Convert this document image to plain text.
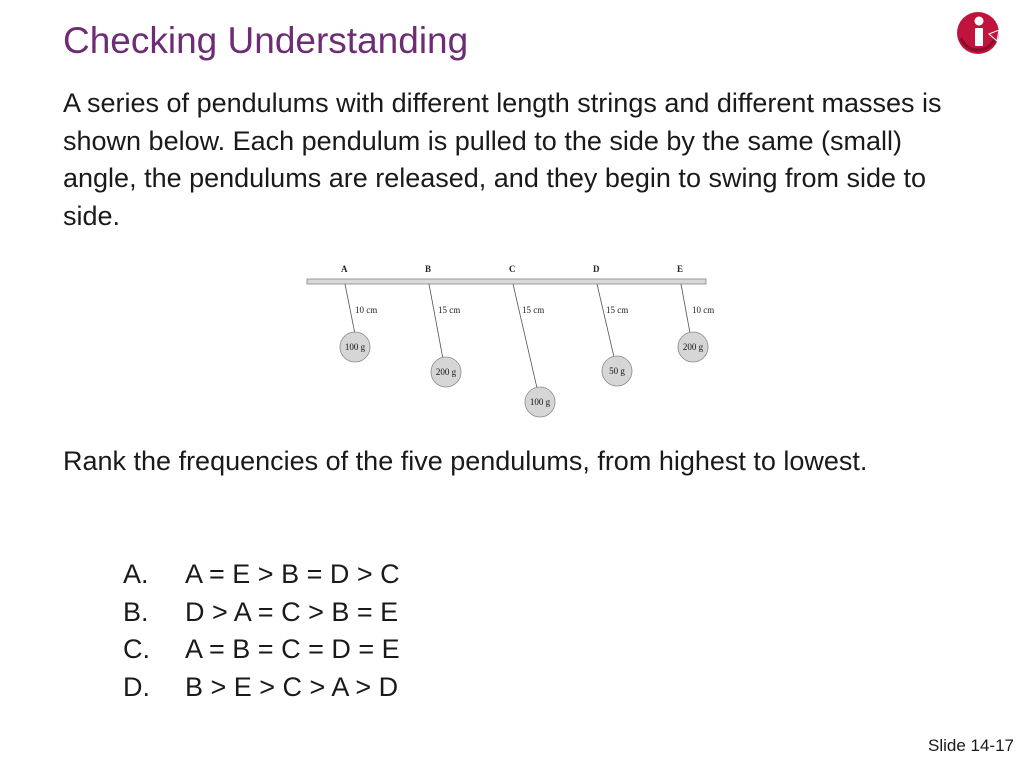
Checking Understanding

A series of pendulums with different length strings and different masses is shown below. Each pendulum is pulled to the side by the same (small) angle, the pendulums are released, and they begin to swing from side to side.

A
10 cm
100 g
B
15 cm
200 g
C
15 cm
100 g
D
15 cm
50 g
E
10 cm
200 g

Rank the frequencies of the five pendulums, from highest to lowest.

A. A = E > B = D > C
B. D > A = C > B = E
C. A = B = C = D = E
D. B > E > C > A > D
Slide 14-17
